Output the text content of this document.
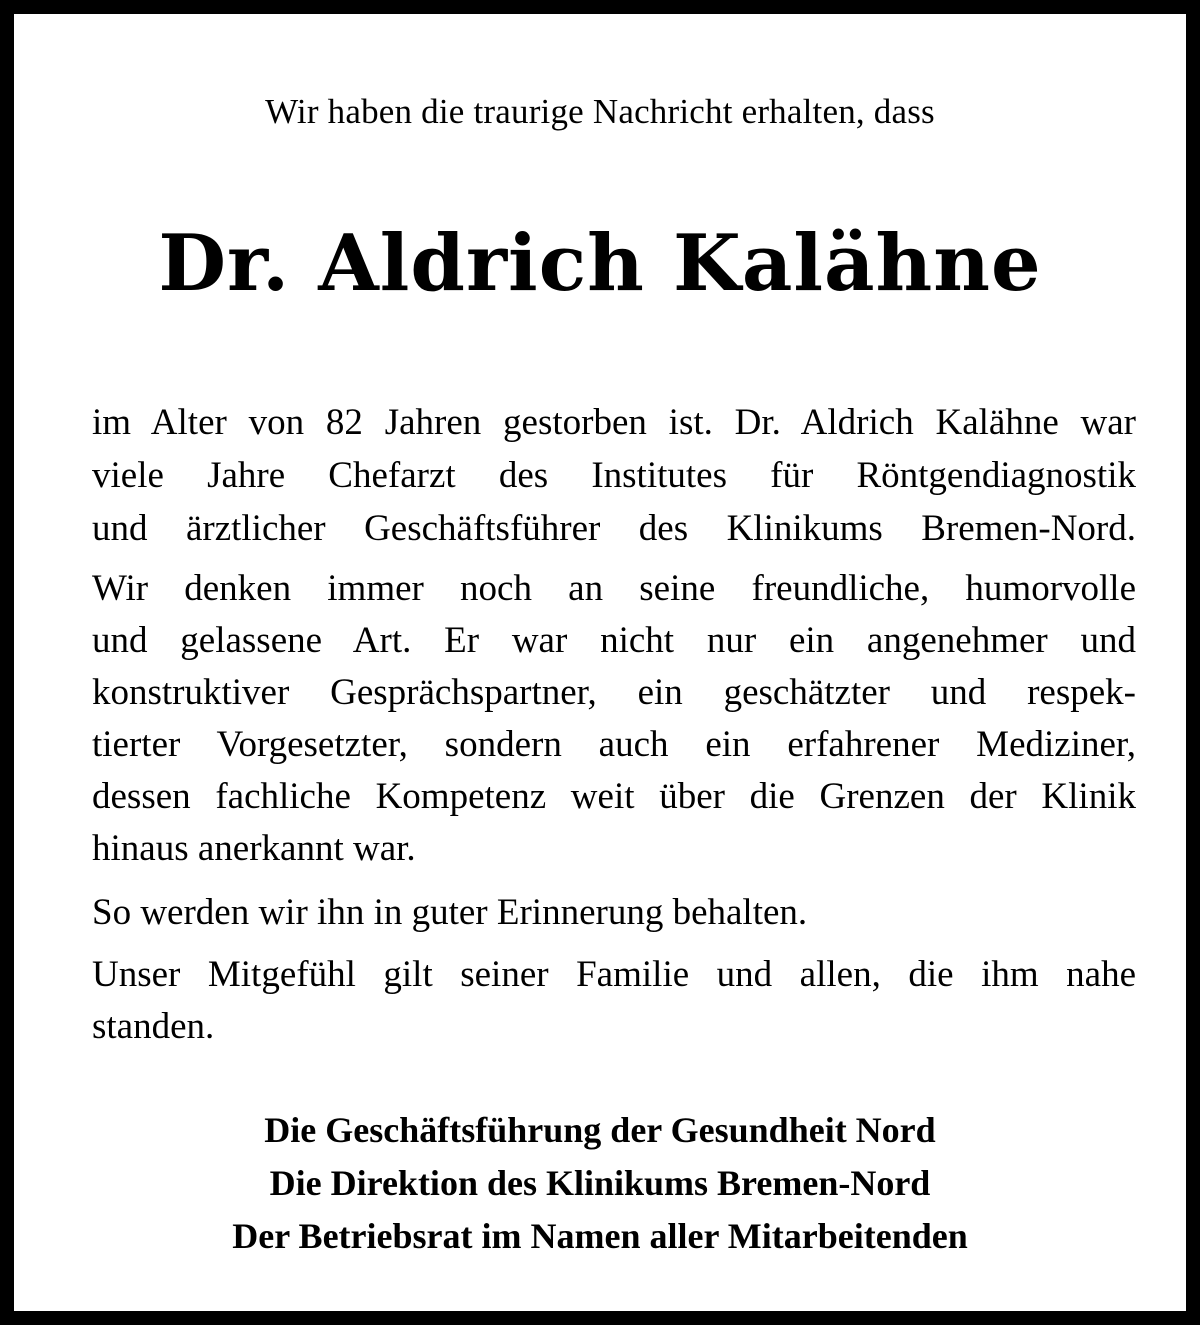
Wir haben die traurige Nachricht erhalten, dass
Dr. Aldrich Kalähne
im Alter von 82 Jahren gestorben ist. Dr. Aldrich Kalähne war
viele Jahre Chefarzt des Institutes für Röntgendiagnostik
und ärztlicher Geschäftsführer des Klinikums Bremen-Nord.
Wir denken immer noch an seine freundliche, humorvolle
und gelassene Art. Er war nicht nur ein angenehmer und
konstruktiver Gesprächspartner, ein geschätzter und respek-
tierter Vorgesetzter, sondern auch ein erfahrener Mediziner,
dessen fachliche Kompetenz weit über die Grenzen der Klinik
hinaus anerkannt war.
So werden wir ihn in guter Erinnerung behalten.
Unser Mitgefühl gilt seiner Familie und allen, die ihm nahe
standen.
Die Geschäftsführung der Gesundheit Nord
Die Direktion des Klinikums Bremen-Nord
Der Betriebsrat im Namen aller Mitarbeitenden
